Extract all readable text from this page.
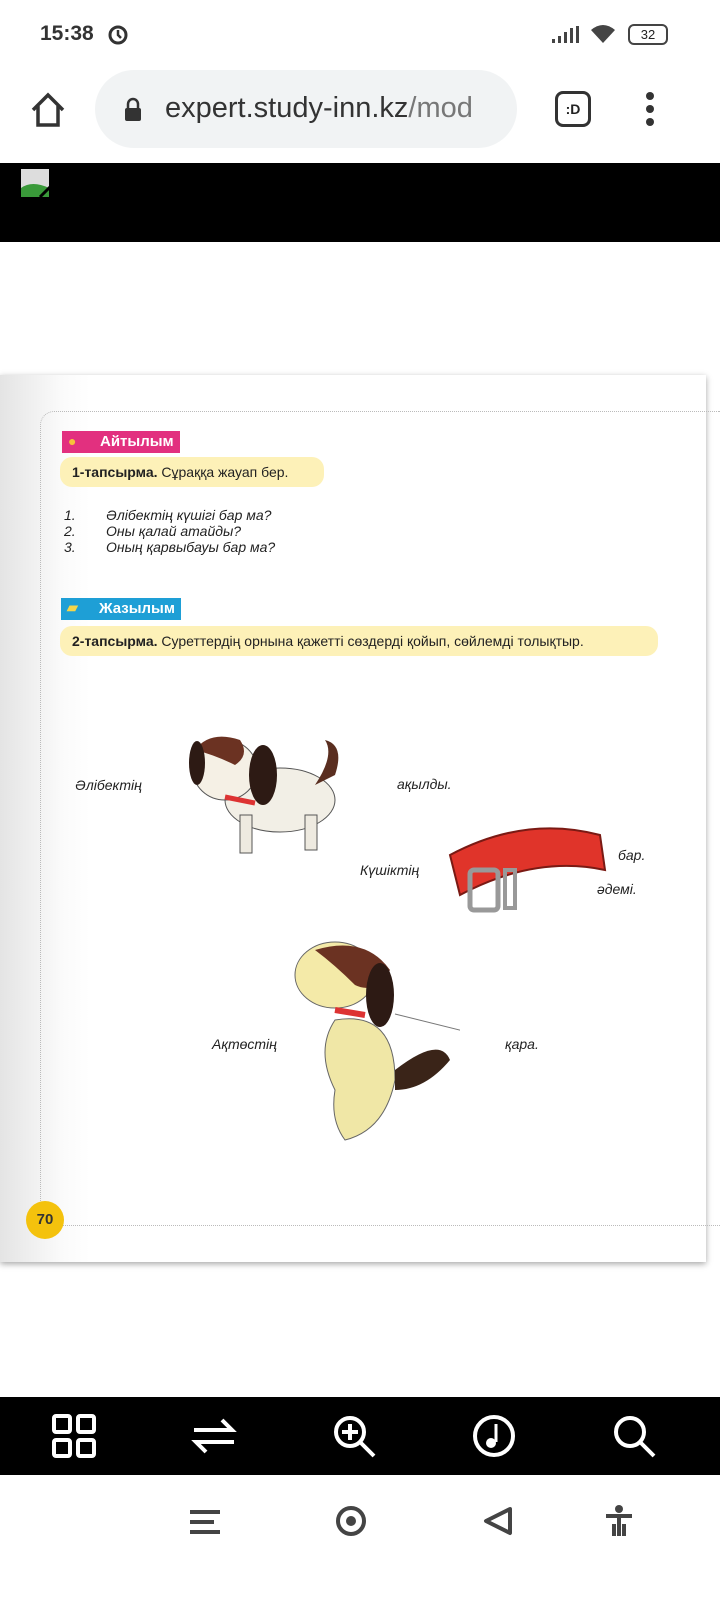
15:38	32
expert.study-inn.kz/mod	:D
● Айтылым
1-тапсырма. Сұраққа жауап бер.
1. Әлібектің күшігі бар ма?
2. Оны қалай атайды?
3. Оның қарвыбауы бар ма?
▰ Жазылым
2-тапсырма. Суреттердің орнына қажетті сөздерді қойып, сөйлемді толықтыр.
Әлібектің	ақылды.
Күшіктің
бар.
әдемі.
Ақтөстің	қара.
70
